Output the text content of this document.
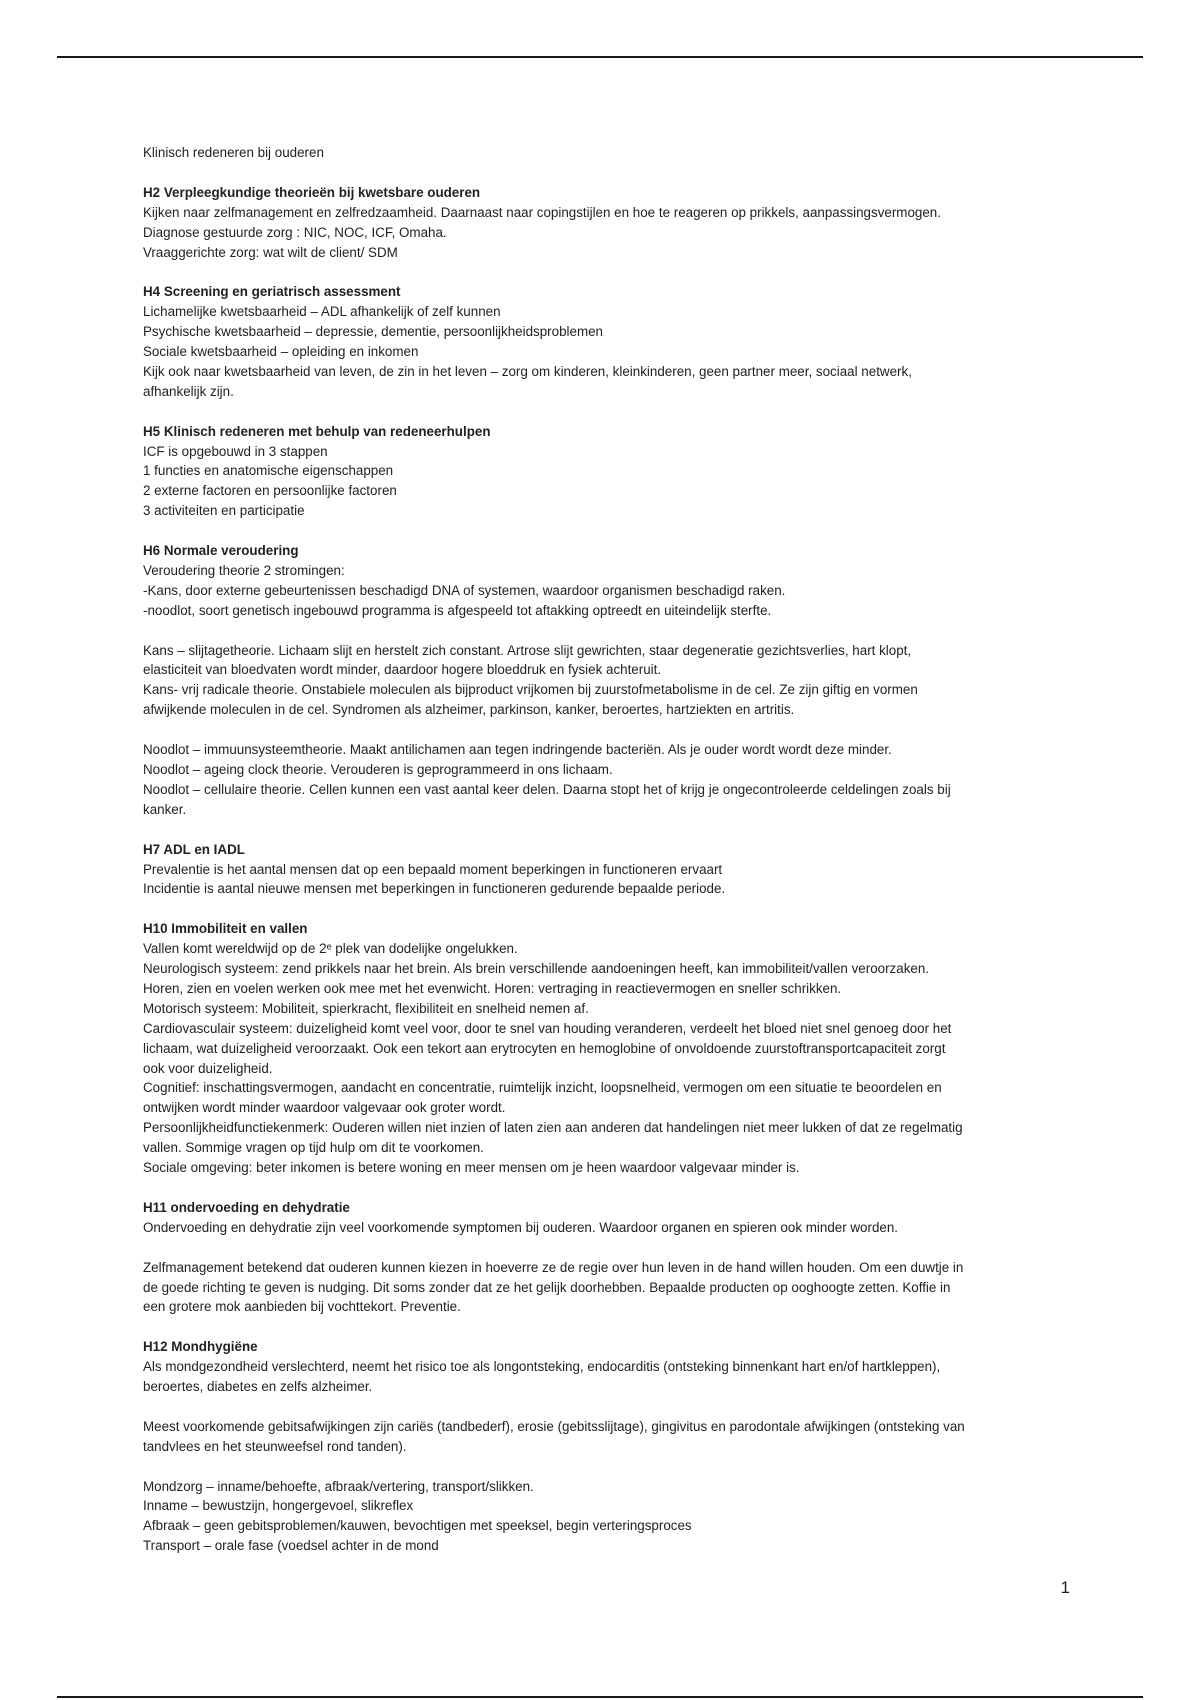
Klinisch redeneren bij ouderen
H2 Verpleegkundige theorieën bij kwetsbare ouderen
Kijken naar zelfmanagement en zelfredzaamheid. Daarnaast naar copingstijlen en hoe te reageren op prikkels, aanpassingsvermogen.
Diagnose gestuurde zorg : NIC, NOC, ICF, Omaha.
Vraaggerichte zorg: wat wilt de client/ SDM
H4 Screening en geriatrisch assessment
Lichamelijke kwetsbaarheid – ADL afhankelijk of zelf kunnen
Psychische kwetsbaarheid – depressie, dementie, persoonlijkheidsproblemen
Sociale kwetsbaarheid – opleiding en inkomen
Kijk ook naar kwetsbaarheid van leven, de zin in het leven – zorg om kinderen, kleinkinderen, geen partner meer, sociaal netwerk,
afhankelijk zijn.
H5 Klinisch redeneren met behulp van redeneerhulpen
ICF is opgebouwd in 3 stappen
1 functies en anatomische eigenschappen
2 externe factoren en persoonlijke factoren
3 activiteiten en participatie
H6 Normale veroudering
Veroudering theorie 2 stromingen:
-Kans, door externe gebeurtenissen beschadigd DNA of systemen, waardoor organismen beschadigd raken.
-noodlot, soort genetisch ingebouwd programma is afgespeeld tot aftakking optreedt en uiteindelijk sterfte.
Kans – slijtagetheorie. Lichaam slijt en herstelt zich constant. Artrose slijt gewrichten, staar degeneratie gezichtsverlies, hart klopt,
elasticiteit van bloedvaten wordt minder, daardoor hogere bloeddruk en fysiek achteruit.
Kans- vrij radicale theorie. Onstabiele moleculen als bijproduct vrijkomen bij zuurstofmetabolisme in de cel. Ze zijn giftig en vormen
afwijkende moleculen in de cel. Syndromen als alzheimer, parkinson, kanker, beroertes, hartziekten en artritis.
Noodlot – immuunsysteemtheorie. Maakt antilichamen aan tegen indringende bacteriën. Als je ouder wordt wordt deze minder.
Noodlot – ageing clock theorie. Verouderen is geprogrammeerd in ons lichaam.
Noodlot – cellulaire theorie. Cellen kunnen een vast aantal keer delen. Daarna stopt het of krijg je ongecontroleerde celdelingen zoals bij
kanker.
H7 ADL en IADL
Prevalentie is het aantal mensen dat op een bepaald moment beperkingen in functioneren ervaart
Incidentie is aantal nieuwe mensen met beperkingen in functioneren gedurende bepaalde periode.
H10 Immobiliteit en vallen
Vallen komt wereldwijd op de 2ᵉ plek van dodelijke ongelukken.
Neurologisch systeem: zend prikkels naar het brein. Als brein verschillende aandoeningen heeft, kan immobiliteit/vallen veroorzaken.
Horen, zien en voelen werken ook mee met het evenwicht. Horen: vertraging in reactievermogen en sneller schrikken.
Motorisch systeem: Mobiliteit, spierkracht, flexibiliteit en snelheid nemen af.
Cardiovasculair systeem: duizeligheid komt veel voor, door te snel van houding veranderen, verdeelt het bloed niet snel genoeg door het
lichaam, wat duizeligheid veroorzaakt. Ook een tekort aan erytrocyten en hemoglobine of onvoldoende zuurstoftransportcapaciteit zorgt
ook voor duizeligheid.
Cognitief: inschattingsvermogen, aandacht en concentratie, ruimtelijk inzicht, loopsnelheid, vermogen om een situatie te beoordelen en
ontwijken wordt minder waardoor valgevaar ook groter wordt.
Persoonlijkheidfunctiekenmerk: Ouderen willen niet inzien of laten zien aan anderen dat handelingen niet meer lukken of dat ze regelmatig
vallen. Sommige vragen op tijd hulp om dit te voorkomen.
Sociale omgeving: beter inkomen is betere woning en meer mensen om je heen waardoor valgevaar minder is.
H11 ondervoeding en dehydratie
Ondervoeding en dehydratie zijn veel voorkomende symptomen bij ouderen. Waardoor organen en spieren ook minder worden.
Zelfmanagement betekend dat ouderen kunnen kiezen in hoeverre ze de regie over hun leven in de hand willen houden. Om een duwtje in
de goede richting te geven is nudging. Dit soms zonder dat ze het gelijk doorhebben. Bepaalde producten op ooghoogte zetten. Koffie in
een grotere mok aanbieden bij vochttekort. Preventie.
H12 Mondhygiëne
Als mondgezondheid verslechterd, neemt het risico toe als longontsteking, endocarditis (ontsteking binnenkant hart en/of hartkleppen),
beroertes, diabetes en zelfs alzheimer.
Meest voorkomende gebitsafwijkingen zijn cariës (tandbederf), erosie (gebitsslijtage), gingivitus en parodontale afwijkingen (ontsteking van
tandvlees en het steunweefsel rond tanden).
Mondzorg – inname/behoefte, afbraak/vertering, transport/slikken.
Inname – bewustzijn, hongergevoel, slikreflex
Afbraak – geen gebitsproblemen/kauwen, bevochtigen met speeksel, begin verteringsproces
Transport – orale fase (voedsel achter in de mond
1
